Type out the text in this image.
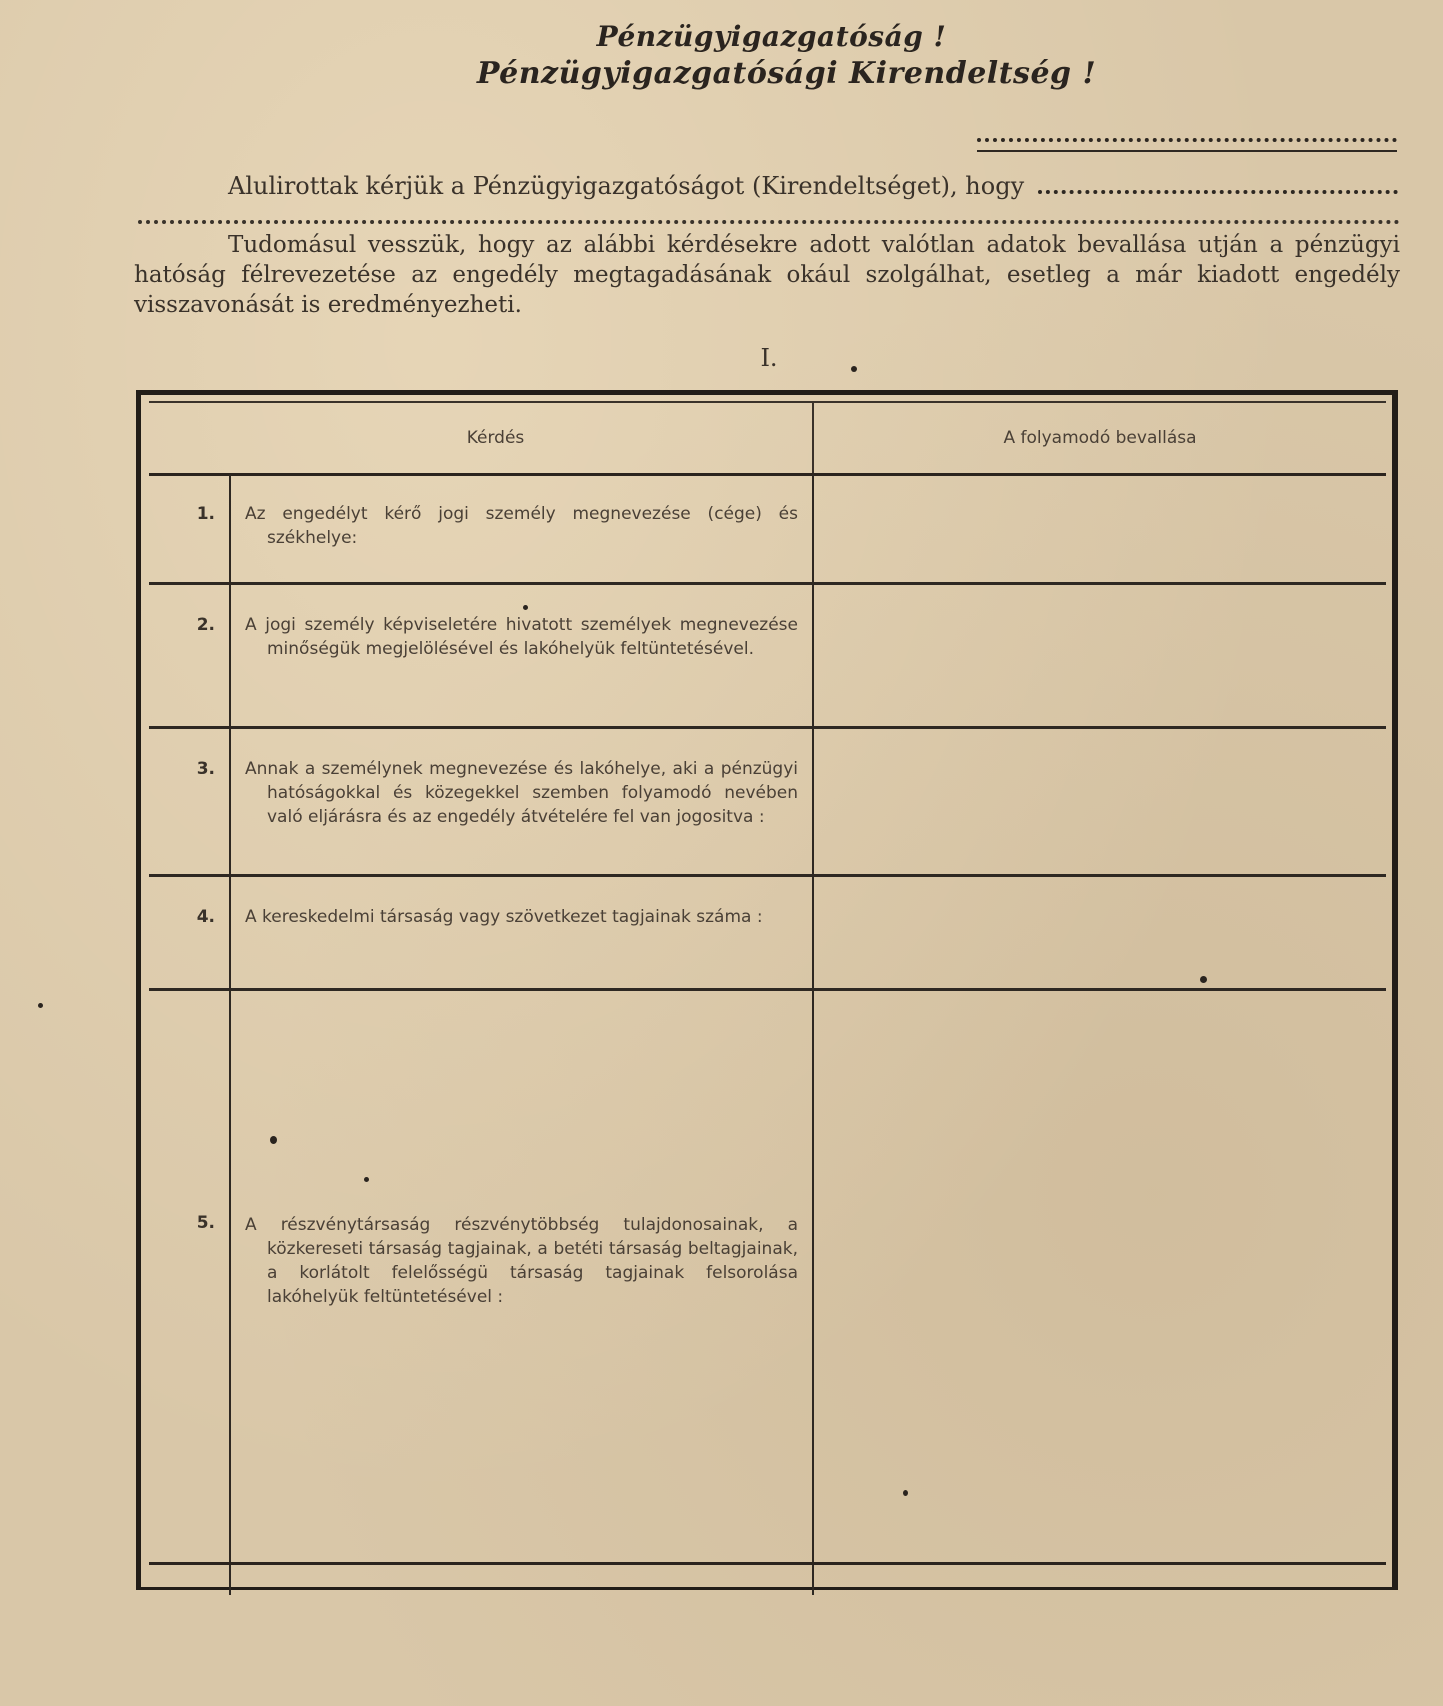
Pénzügyigazgatóság !
Pénzügyigazgatósági Kirendeltség !
Alulirottak kérjük a Pénzügyigazgatóságot (Kirendeltséget), hogy
Tudomásul vesszük, hogy az alábbi kérdésekre adott valótlan adatok bevallása utján a pénzügyi hatóság félrevezetése az engedély megtagadásának okául szolgálhat, esetleg a már kiadott engedély visszavonását is eredményezheti.
I.
Kérdés	A folyamodó bevallása
1.	Az engedélyt kérő jogi személy megnevezése (cége) és székhelye:
2.	A jogi személy képviseletére hivatott személyek megnevezése minőségük megjelölésével és lakóhelyük feltüntetésével.
3.	Annak a személynek megnevezése és lakóhelye, aki a pénzügyi hatóságokkal és közegekkel szemben folyamodó nevében való eljárásra és az engedély átvételére fel van jogositva :
4.	A kereskedelmi társaság vagy szövetkezet tagjainak száma :
5.	A részvénytársaság részvénytöbbség tulajdonosainak, a közkereseti társaság tagjainak, a betéti társaság beltagjainak, a korlátolt felelősségü társaság tagjainak felsorolása lakóhelyük feltüntetésével :
